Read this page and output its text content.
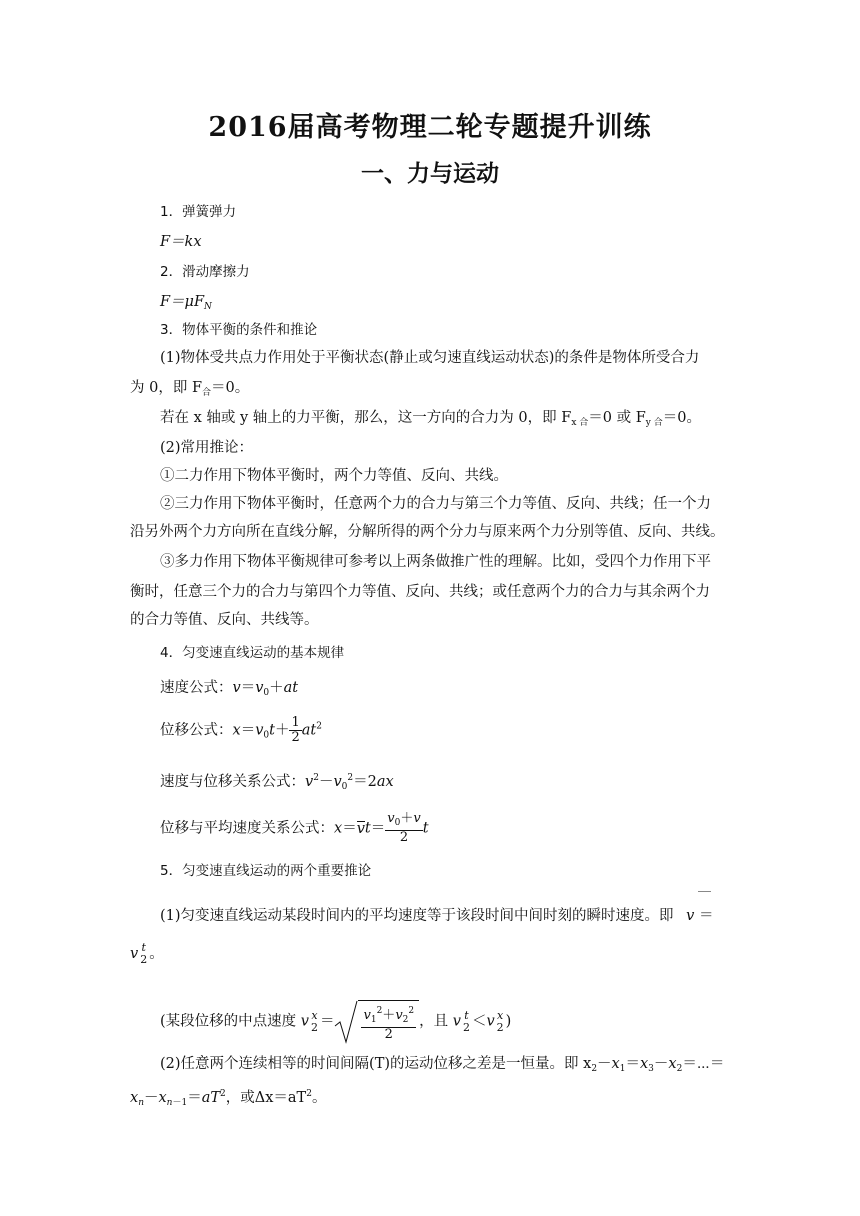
2016届高考物理二轮专题提升训练
一、力与运动
1．弹簧弹力
F＝kx
2．滑动摩擦力
$F=\mu F_N$
3．物体平衡的条件和推论
(1)物体受共点力作用处于平衡状态(静止或匀速直线运动状态)的条件是物体所受合力
为 0，即 $F_合=0$。
若在 x 轴或 y 轴上的力平衡，那么，这一方向的合力为 0，即 $F_{x 合}=0$ 或 $F_{y 合}=0$。
(2)常用推论：
①二力作用下物体平衡时，两个力等值、反向、共线。
②三力作用下物体平衡时，任意两个力的合力与第三个力等值、反向、共线；任一个力
沿另外两个力方向所在直线分解，分解所得的两个分力与原来两个力分别等值、反向、共线。
③多力作用下物体平衡规律可参考以上两条做推广性的理解。比如，受四个力作用下平
衡时，任意三个力的合力与第四个力等值、反向、共线；或任意两个力的合力与其余两个力
的合力等值、反向、共线等。
4．匀变速直线运动的基本规律
速度公式：$v=v_0+at$
位移公式：$x=v_0t+ \frac{1}{2} at^2$
速度与位移关系公式：$v^2-v_0^2=2ax$
位移与平均速度关系公式：$x=vt= \frac{v_0+v}{2}$ t
5．匀变速直线运动的两个重要推论
(1)匀变速直线运动某段时间内的平均速度等于该段时间中间时刻的瞬时速度。即 v ＝
v t
2 。
(某段位移的中点速度 v x
$2 = \frac{v_1^2+v_2^2}{2}$ ，且 v t
2 ＜v x
2 )
(2)任意两个连续相等的时间间隔(T)的运动位移之差是一恒量。即 $x_2-x_1=x_3-x_2=\cdots=$
$x_n-x_{n-1}=aT^2$，或$\Delta x=aT^2$。
